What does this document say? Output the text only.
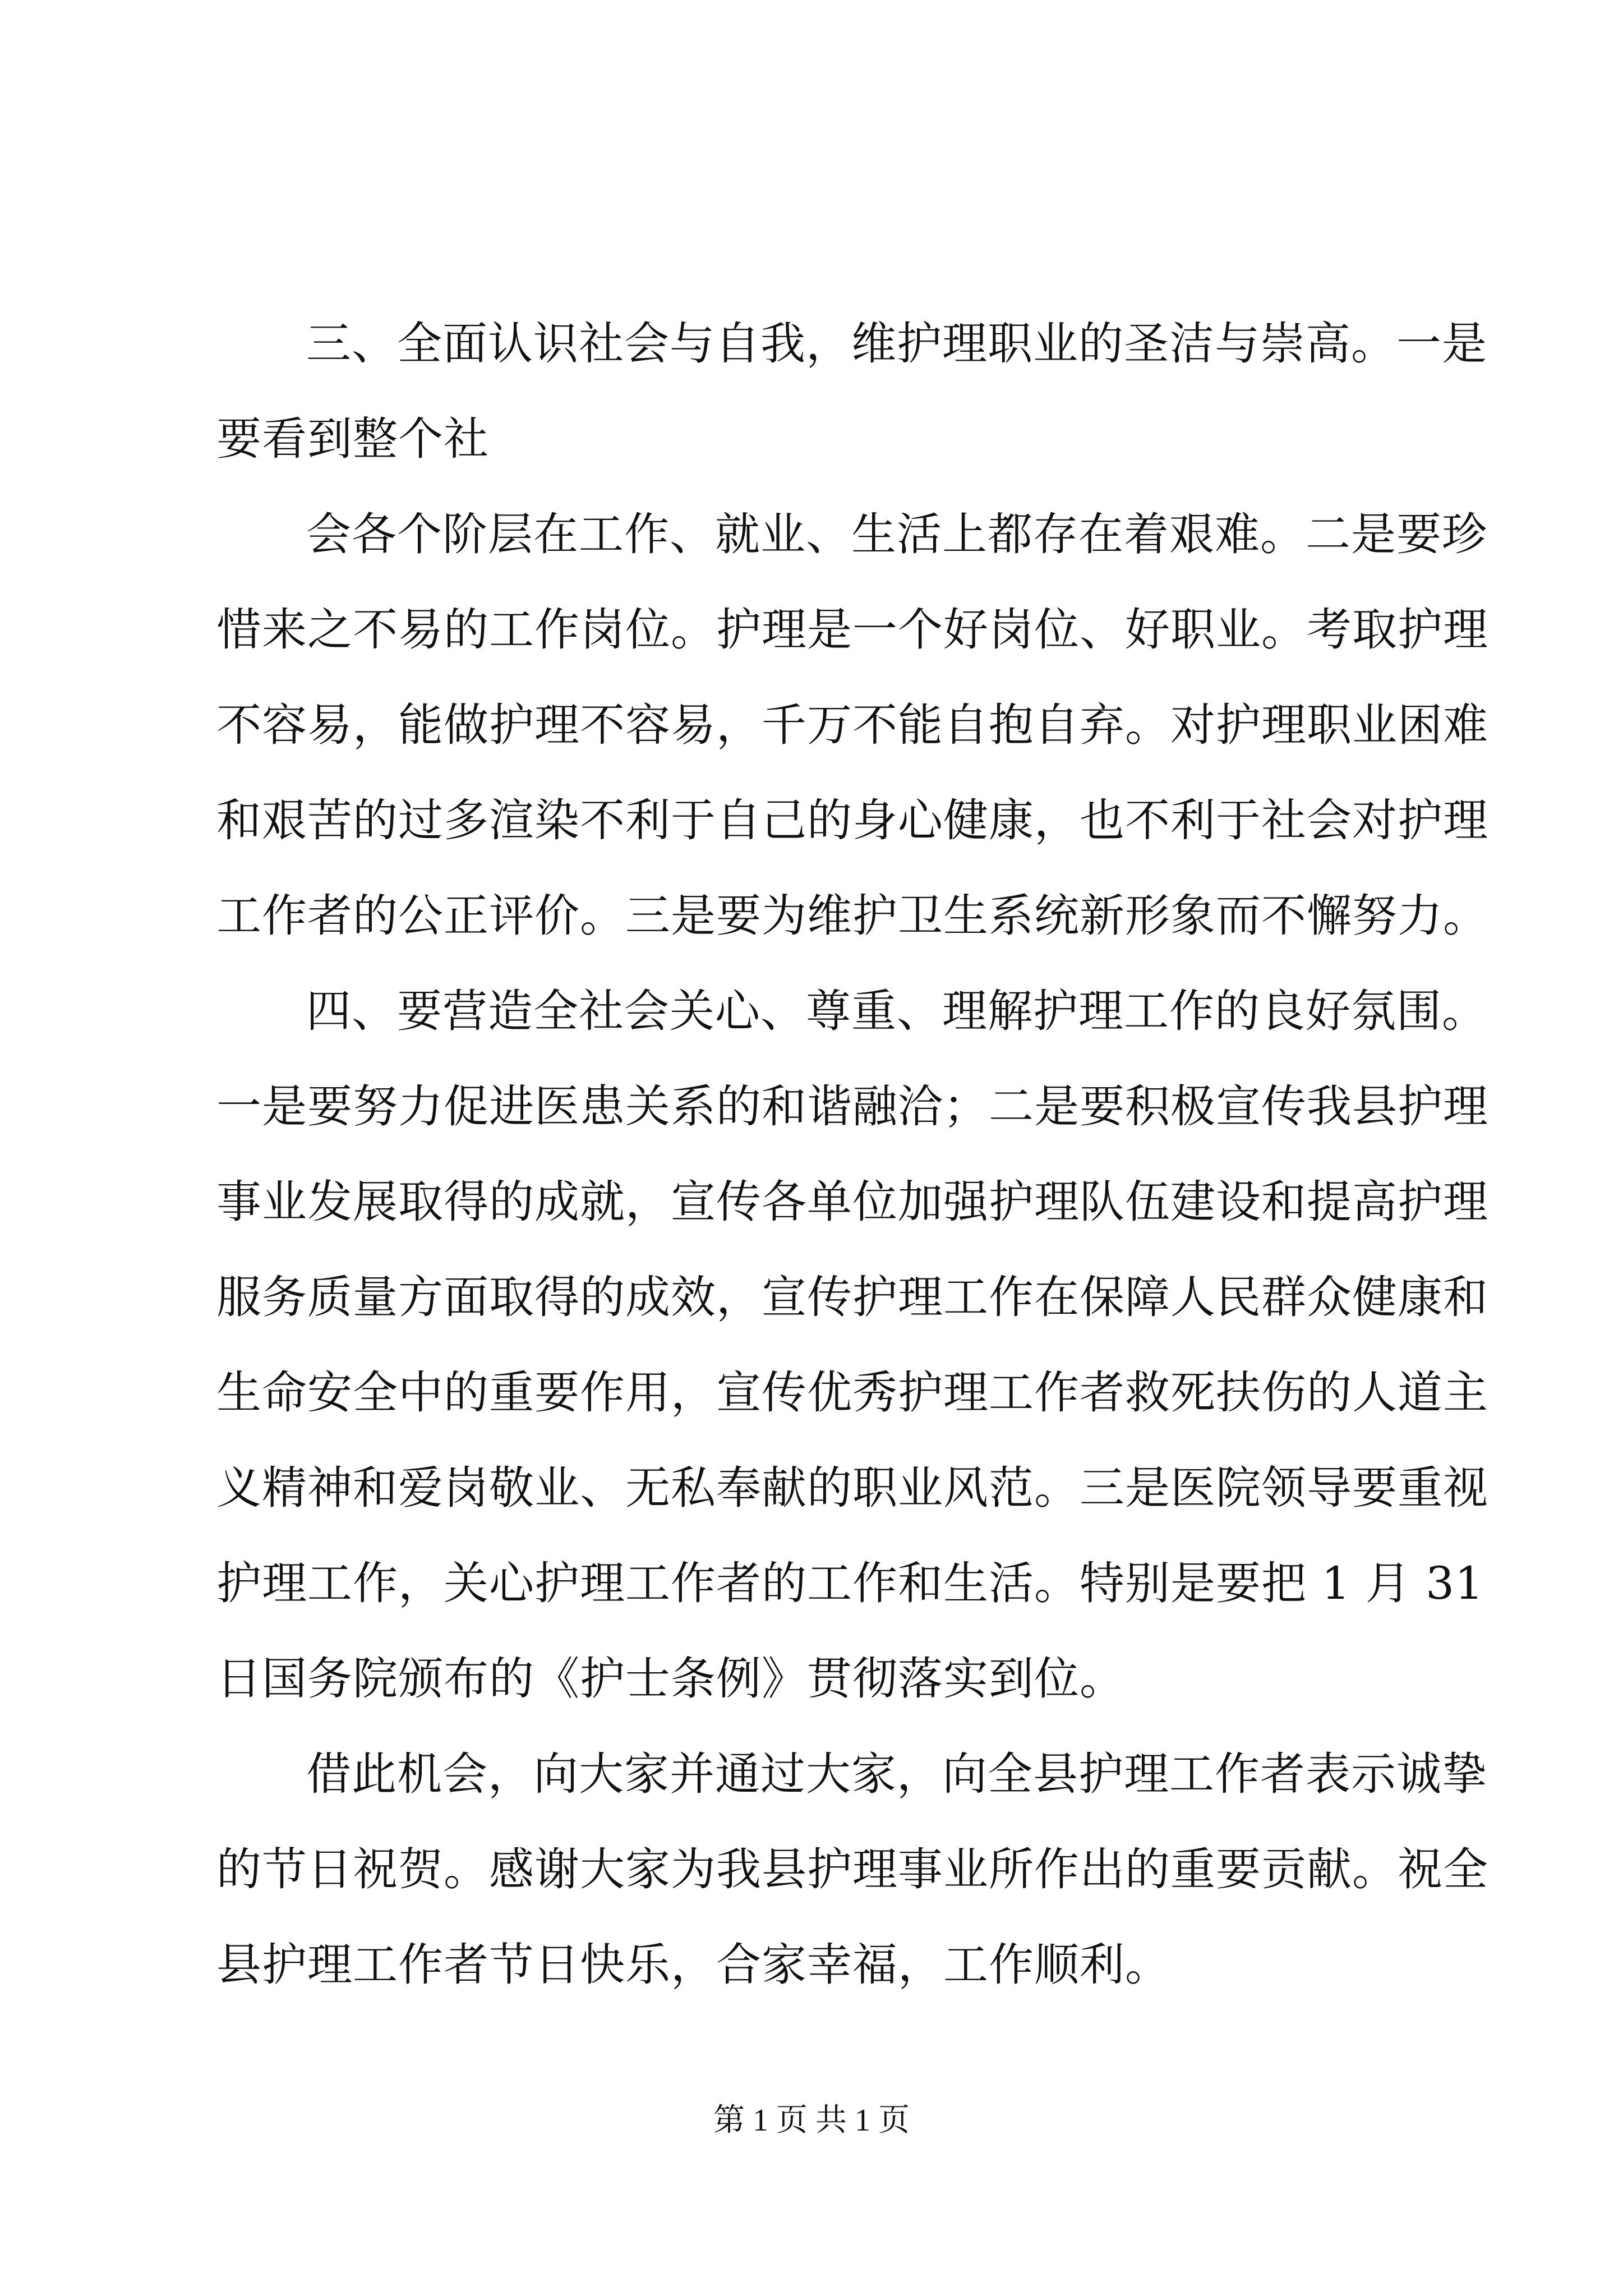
三、全面认识社会与自我，维护理职业的圣洁与崇高。一是
要看到整个社
会各个阶层在工作、就业、生活上都存在着艰难。二是要珍
惜来之不易的工作岗位。护理是一个好岗位、好职业。考取护理
不容易，能做护理不容易，千万不能自抱自弃。对护理职业困难
和艰苦的过多渲染不利于自己的身心健康，也不利于社会对护理
工作者的公正评价。三是要为维护卫生系统新形象而不懈努力。
四、要营造全社会关心、尊重、理解护理工作的良好氛围。
一是要努力促进医患关系的和谐融洽；二是要积极宣传我县护理
事业发展取得的成就，宣传各单位加强护理队伍建设和提高护理
服务质量方面取得的成效，宣传护理工作在保障人民群众健康和
生命安全中的重要作用，宣传优秀护理工作者救死扶伤的人道主
义精神和爱岗敬业、无私奉献的职业风范。三是医院领导要重视
护理工作，关心护理工作者的工作和生活。特别是要把 1 月 31
日国务院颁布的《护士条例》贯彻落实到位。
借此机会，向大家并通过大家，向全县护理工作者表示诚挚
的节日祝贺。感谢大家为我县护理事业所作出的重要贡献。祝全
县护理工作者节日快乐，合家幸福，工作顺利。
第 1 页 共 1 页
